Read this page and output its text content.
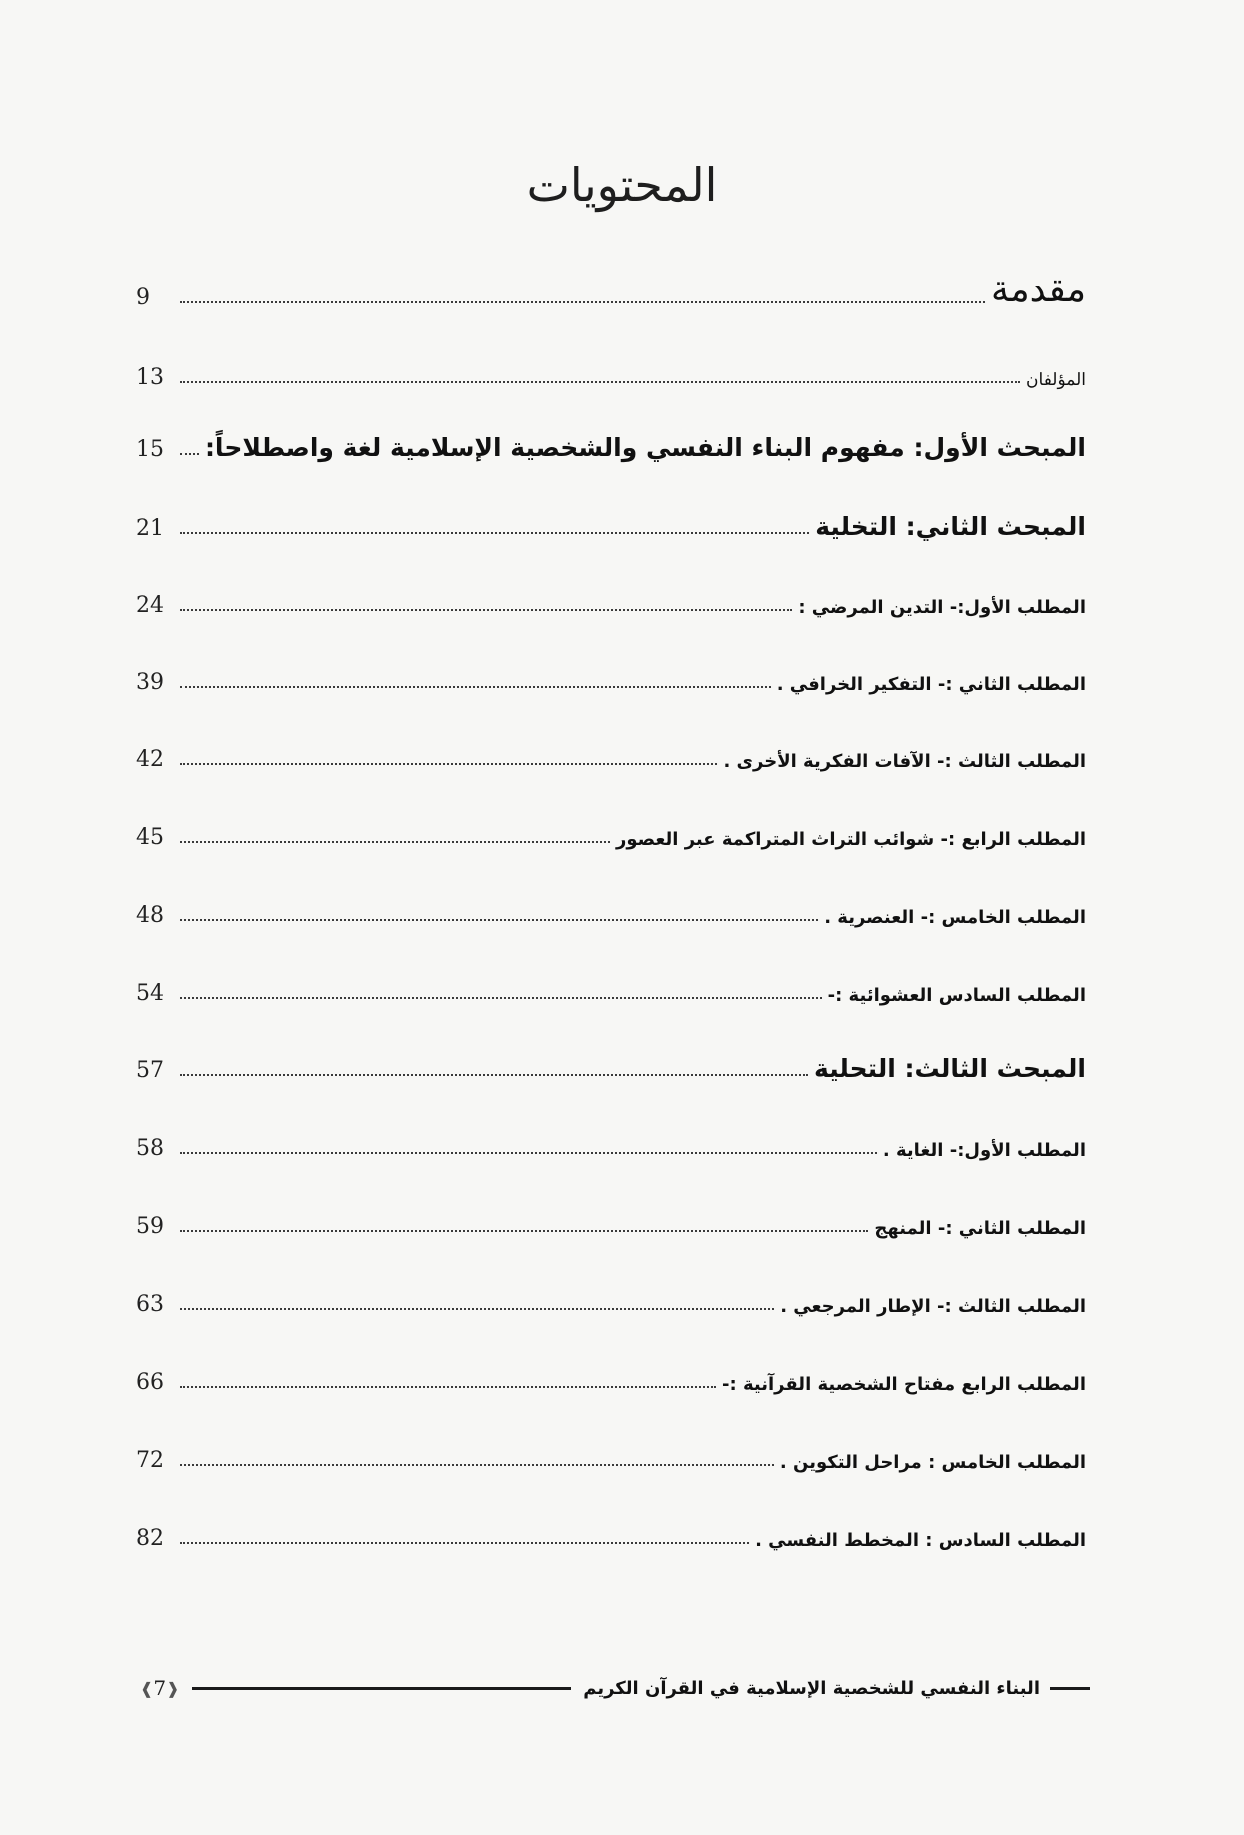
المحتويات
مقدمة
9
المؤلفان
13
المبحث الأول: مفهوم البناء النفسي والشخصية الإسلامية لغة واصطلاحاً:
15
المبحث الثاني: التخلية
21
المطلب الأول:- التدين المرضي :
24
المطلب الثاني :- التفكير الخرافي .
39
المطلب الثالث :- الآفات الفكرية الأخرى .
42
المطلب الرابع :- شوائب التراث المتراكمة عبر العصور
45
المطلب الخامس :- العنصرية .
48
المطلب السادس العشوائية :-
54
المبحث الثالث: التحلية
57
المطلب الأول:- الغاية .
58
المطلب الثاني :- المنهج
59
المطلب الثالث :- الإطار المرجعي .
63
المطلب الرابع مفتاح الشخصية القرآنية :-
66
المطلب الخامس : مراحل التكوين .
72
المطلب السادس : المخطط النفسي .
82
البناء النفسي للشخصية الإسلامية في القرآن الكريم
❰ 7 ❱
